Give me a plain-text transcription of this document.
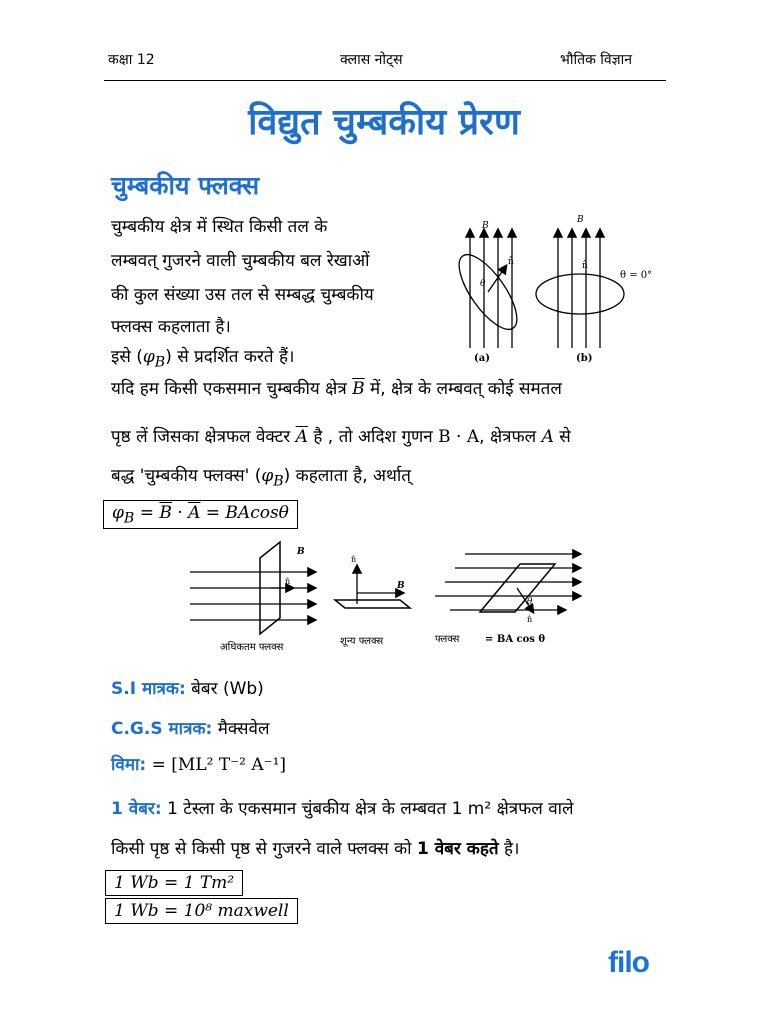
कक्षा 12	क्लास नोट्स	भौतिक विज्ञान
विद्युत चुम्बकीय प्रेरण
चुम्बकीय फ्लक्स
चुम्बकीय क्षेत्र में स्थित किसी तल के
लम्बवत् गुजरने वाली चुम्बकीय बल रेखाओं
की कुल संख्या उस तल से सम्बद्ध चुम्बकीय
फ्लक्स कहलाता है।
इसे $(\varphi_B)$ से प्रदर्शित करते हैं।
B
n̂
θ
(a)
B
n̂
θ = 0°
(b)
यदि हम किसी एकसमान चुम्बकीय क्षेत्र $\overline{B}$ में, क्षेत्र के लम्बवत् कोई समतल
पृष्ठ लें जिसका क्षेत्रफल वेक्टर $\overline{A}$ है , तो अदिश गुणन B · A, क्षेत्रफल A से
बद्ध 'चुम्बकीय फ्लक्स' $(\varphi_B)$ कहलाता है, अर्थात्
$\varphi_B = \overline{B} \cdot \overline{A} = BAcos\theta$
B
n̂
अधिकतम फ्लक्स
n̂
B
शून्य फ्लक्स
θ
n̂
फ्लक्स	= BA cos θ
S.I मात्रक: बेबर (Wb)
C.G.S मात्रक: मैक्सवेल
विमा: = [ML² T⁻² A⁻¹]
1 वेबर: 1 टेस्ला के एकसमान चुंबकीय क्षेत्र के लम्बवत 1 m² क्षेत्रफल वाले
किसी पृष्ठ से किसी पृष्ठ से गुजरने वाले फ्लक्स को 1 वेबर कहते है।
1 Wb = 1 Tm²
1 Wb = 10⁸ maxwell
filo
